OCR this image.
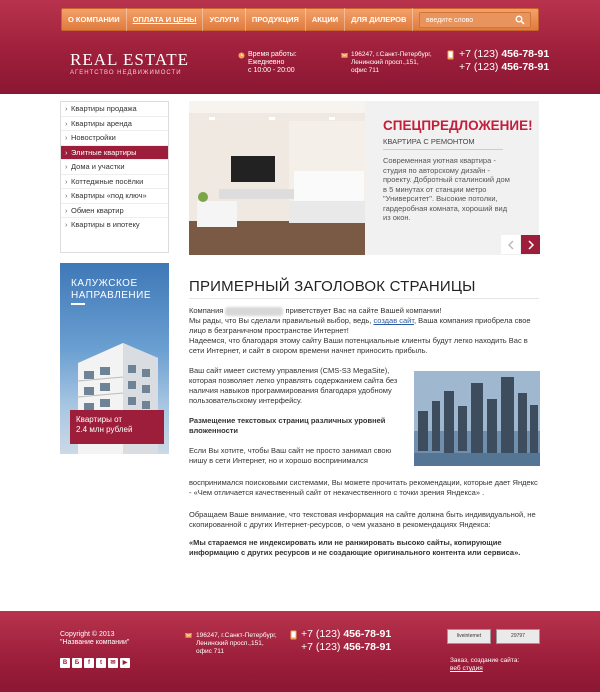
О КОМПАНИИ	ОПЛАТА И ЦЕНЫ	УСЛУГИ	ПРОДУКЦИЯ	АКЦИИ	ДЛЯ ДИЛЕРОВ
введите слово
REAL ESTATE
АГЕНТСТВО НЕДВИЖИМОСТИ
Время работы:
Ежедневно
с 10:00 - 20:00
196247, г.Санкт-Петербург,
Ленинский просп.,151,
офис 711
+7 (123) 456-78-91
+7 (123) 456-78-91
› Квартиры продажа
› Квартиры аренда
› Новостройки
› Элитные квартиры
› Дома и участки
› Коттеджные посёлки
› Квартиры «под ключ»
› Обмен квартир
› Квартиры в ипотеку
КАЛУЖСКОЕ НАПРАВЛЕНИЕ
Квартиры от
2.4 млн рублей
СПЕЦПРЕДЛОЖЕНИЕ!
КВАРТИРА С РЕМОНТОМ
Современная уютная квартира - студия по авторскому дизайн - проекту. Добротный сталинский дом в 5 минутах от станции метро "Университет". Высокие потолки, гардеробная комната, хороший вид из окон.
ПРИМЕРНЫЙ ЗАГОЛОВОК СТРАНИЦЫ

Компания	приветствует Вас на сайте Вашей компании!
Мы рады, что Вы сделали правильный выбор, ведь, создав сайт, Ваша компания приобрела свое лицо в безграничном пространстве Интернет!
Надеемся, что благодаря этому сайту Ваши потенциальные клиенты будут легко находить Вас в сети Интернет, и сайт в скором времени начнет приносить прибыль.

Ваш сайт имеет систему управления (CMS-S3 MegaSite), которая позволяет легко управлять содержанием сайта без наличия навыков программирования благодаря удобному пользовательскому интерфейсу.

Размещение текстовых страниц различных уровней вложенности

Если Вы хотите, чтобы Ваш сайт не просто занимал свою нишу в сети Интернет, но и хорошо воспринимался

воспринимался поисковыми системами, Вы можете прочитать рекомендации, которые дает Яндекс - «Чем отличается качественный сайт от некачественного с точки зрения Яндекса» .

Обращаем Ваше внимание, что текстовая информация на сайте должна быть индивидуальной, не скопированной с других Интернет-ресурсов, о чем указано в рекомендациях Яндекса:

«Мы стараемся не индексировать или не ранжировать высоко сайты, копирующие информацию с других ресурсов и не создающие оригинального контента или сервиса».

Copyright © 2013
"Название компании"
В	Б	f	t	✉	▶
196247, г.Санкт-Петербург,
Ленинский просп.,151,
офис 711
+7 (123) 456-78-91
+7 (123) 456-78-91
liveinternet	29797
Заказ, создание сайта:
веб студия
